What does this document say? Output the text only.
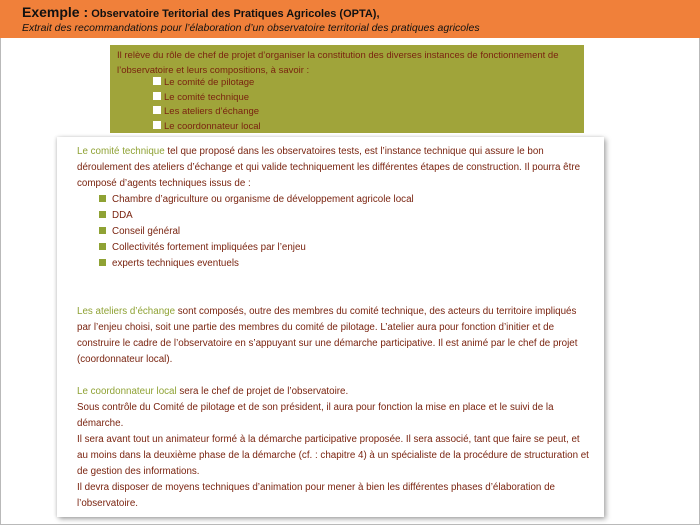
Exemple : Observatoire Teritorial des Pratiques Agricoles (OPTA),
Extrait des recommandations pour l’élaboration d’un observatoire territorial des pratiques agricoles
Il relève du rôle de chef de projet d’organiser la constitution des diverses instances de fonctionnement de l’observatoire et leurs compositions, à savoir :
Le comité de pilotage
Le comité technique
Les ateliers d’échange
Le coordonnateur local

Le comité technique tel que proposé dans les observatoires tests, est l’instance technique qui assure le bon déroulement des ateliers d’échange et qui valide techniquement les différentes étapes de construction. Il pourra être composé d’agents techniques issus de :

Chambre d’agriculture ou organisme de développement agricole local
DDA
Conseil général
Collectivités fortement impliquées par l’enjeu
experts techniques eventuels

Les ateliers d’échange sont composés, outre des membres du comité technique, des acteurs du territoire impliqués par l’enjeu choisi, soit une partie des membres du comité de pilotage. L’atelier aura pour fonction d’initier et de construire le cadre de l’observatoire en s’appuyant sur une démarche participative. Il est animé par le chef de projet (coordonnateur local).

Le coordonnateur local sera le chef de projet de l’observatoire.

Sous contrôle du Comité de pilotage et de son président, il aura pour fonction la mise en place et le suivi de la démarche.

Il sera avant tout un animateur formé à la démarche participative proposée. Il sera associé, tant que faire se peut, et au moins dans la deuxième phase de la démarche (cf. : chapitre 4) à un spécialiste de la procédure de structuration et de gestion des informations.

Il devra disposer de moyens techniques d’animation pour mener à bien les différentes phases d’élaboration de l’observatoire.
